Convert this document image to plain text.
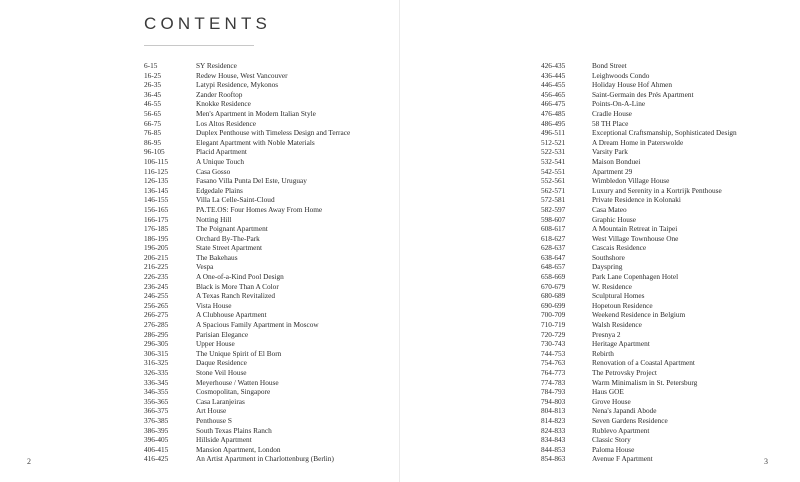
CONTENTS
6-15	SY Residence
16-25	Redew House, West Vancouver
26-35	Latypi Residence, Mykonos
36-45	Zander Rooftop
46-55	Knokke Residence
56-65	Men's Apartment in Modern Italian Style
66-75	Los Altos Residence
76-85	Duplex Penthouse with Timeless Design and Terrace
86-95	Elegant Apartment with Noble Materials
96-105	Placid Apartment
106-115	A Unique Touch
116-125	Casa Gosso
126-135	Fasano Villa Punta Del Este, Uruguay
136-145	Edgedale Plains
146-155	Villa La Celle-Saint-Cloud
156-165	PA.TE.OS: Four Homes Away From Home
166-175	Notting Hill
176-185	The Poignant Apartment
186-195	Orchard By-The-Park
196-205	State Street Apartment
206-215	The Bakehaus
216-225	Vespa
226-235	A One-of-a-Kind Pool Design
236-245	Black is More Than A Color
246-255	A Texas Ranch Revitalized
256-265	Vista House
266-275	A Clubhouse Apartment
276-285	A Spacious Family Apartment in Moscow
286-295	Parisian Elegance
296-305	Upper House
306-315	The Unique Spirit of El Born
316-325	Daque Residence
326-335	Stone Veil House
336-345	Meyerhouse / Watten House
346-355	Cosmopolitan, Singapore
356-365	Casa Laranjeiras
366-375	Art House
376-385	Penthouse S
386-395	South Texas Plains Ranch
396-405	Hillside Apartment
406-415	Mansion Apartment, London
416-425	An Artist Apartment in Charlottenburg (Berlin)
2
426-435	Bond Street
436-445	Leighwoods Condo
446-455	Holiday House Hof Ahmen
456-465	Saint-Germain des Prés Apartment
466-475	Points-On-A-Line
476-485	Cradle House
486-495	58 TH Place
496-511	Exceptional Craftsmanship, Sophisticated Design
512-521	A Dream Home in Paterswolde
522-531	Varsity Park
532-541	Maison Bonduei
542-551	Apartment 29
552-561	Wimbledon Village House
562-571	Luxury and Serenity in a Kortrijk Penthouse
572-581	Private Residence in Kolonaki
582-597	Casa Mateo
598-607	Graphic House
608-617	A Mountain Retreat in Taipei
618-627	West Village Townhouse One
628-637	Cascais Residence
638-647	Southshore
648-657	Dayspring
658-669	Park Lane Copenhagen Hotel
670-679	W. Residence
680-689	Sculptural Homes
690-699	Hopetoun Residence
700-709	Weekend Residence in Belgium
710-719	Walsh Residence
720-729	Presnya 2
730-743	Heritage Apartment
744-753	Rebirth
754-763	Renovation of a Coastal Apartment
764-773	The Petrovsky Project
774-783	Warm Minimalism in St. Petersburg
784-793	Haus GOE
794-803	Grove House
804-813	Nena's Japandi Abode
814-823	Seven Gardens Residence
824-833	Rublevo Apartment
834-843	Classic Story
844-853	Paloma House
854-863	Avenue F Apartment	3
